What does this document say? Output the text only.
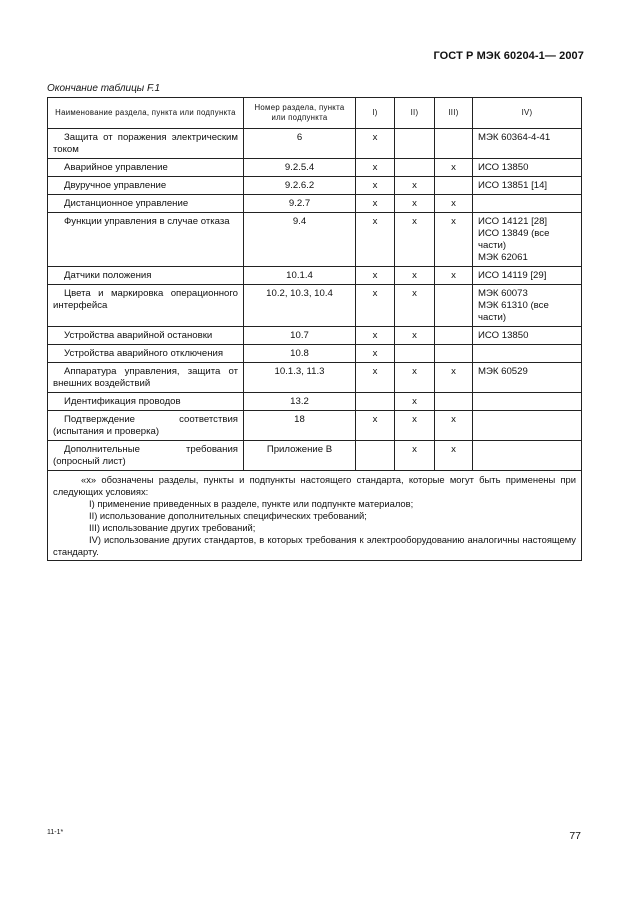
ГОСТ Р МЭК 60204-1— 2007
Окончание таблицы F.1
Наименование раздела, пункта или подпункта	Номер раздела, пункта или подпункта	I)	II)	III)	IV)
Защита от поражения электрическим током	6	x			МЭК 60364-4-41

Аварийное управление	9.2.5.4	x		x	ИСО 13850

Двуручное управление	9.2.6.2	x	x		ИСО 13851 [14]

Дистанционное управление	9.2.7	x	x	x	

Функции управления в случае отказа	9.4	x	x	x	ИСО 14121 [28]
ИСО 13849 (все части)
МЭК 62061

Датчики положения	10.1.4	x	x	x	ИСО 14119 [29]

Цвета и маркировка операционного интерфейса	10.2, 10.3, 10.4	x	x		МЭК 60073
МЭК 61310 (все части)

Устройства аварийной остановки	10.7	x	x		ИСО 13850

Устройства аварийного отключения	10.8	x			

Аппаратура управления, защита от внешних воздействий	10.1.3, 11.3	x	x	x	МЭК 60529

Идентификация проводов	13.2		x		

Подтверждение соответствия (испытания и проверка)	18	x	x	x	

Дополнительные требования (опросный лист)	Приложение В		x	x	

«х» обозначены разделы, пункты и подпункты настоящего стандарта, которые могут быть применены при следующих условиях:

I) применение приведенных в разделе, пункте или подпункте материалов;

II) использование дополнительных специфических требований;

III) использование других требований;

IV) использование других стандартов, в которых требования к электрооборудованию аналогичны настоящему стандарту.					

11-1*	77
